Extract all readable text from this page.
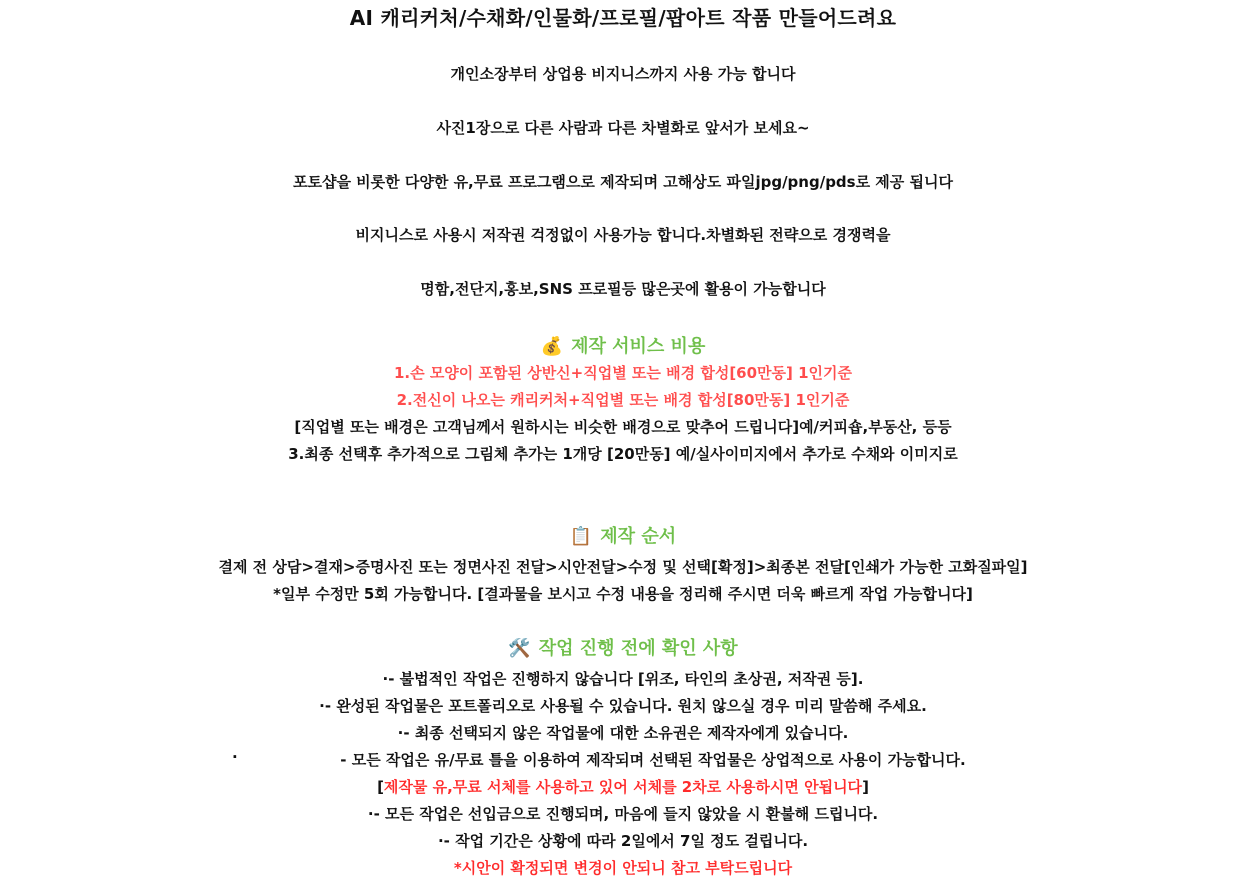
AI 캐리커처/수채화/인물화/프로필/팝아트 작품 만들어드려요
개인소장부터 상업용 비지니스까지 사용 가능 합니다
사진1장으로 다른 사람과 다른 차별화로 앞서가 보세요~
포토샵을 비롯한 다양한 유,무료 프로그램으로 제작되며 고해상도 파일jpg/png/pds로 제공 됩니다
비지니스로 사용시 저작권 걱정없이 사용가능 합니다.차별화된 전략으로 경쟁력을
명함,전단지,홍보,SNS 프로필등 많은곳에 활용이 가능합니다
💰 제작 서비스 비용
1.손 모양이 포함된 상반신+직업별 또는 배경 합성[60만동] 1인기준
2.전신이 나오는 캐리커처+직업별 또는 배경 합성[80만동] 1인기준
[직업별 또는 배경은 고객님께서 원하시는 비슷한 배경으로 맞추어 드립니다]예/커피숍,부동산, 등등
3.최종 선택후 추가적으로 그림체 추가는 1개당 [20만동] 예/실사이미지에서 추가로 수채와 이미지로
📋 제작 순서
결제 전 상담>결재>증명사진 또는 정면사진 전달>시안전달>수정 및 선택[확정]>최종본 전달[인쇄가 가능한 고화질파일]
*일부 수정만 5회 가능합니다. [결과물을 보시고 수정 내용을 정리해 주시면 더욱 빠르게 작업 가능합니다]
🛠️ 작업 진행 전에 확인 사항
·- 불법적인 작업은 진행하지 않습니다 [위조, 타인의 초상권, 저작권 등].
·- 완성된 작업물은 포트폴리오로 사용될 수 있습니다. 원치 않으실 경우 미리 말씀해 주세요.
·- 최종 선택되지 않은 작업물에 대한 소유권은 제작자에게 있습니다.
·	- 모든 작업은 유/무료 틀을 이용하여 제작되며 선택된 작업물은 상업적으로 사용이 가능합니다.
[제작물 유,무료 서체를 사용하고 있어 서체를 2차로 사용하시면 안됩니다]
·- 모든 작업은 선입금으로 진행되며, 마음에 들지 않았을 시 환불해 드립니다.
·- 작업 기간은 상황에 따라 2일에서 7일 정도 걸립니다.
*시안이 확정되면 변경이 안되니 참고 부탁드립니다
